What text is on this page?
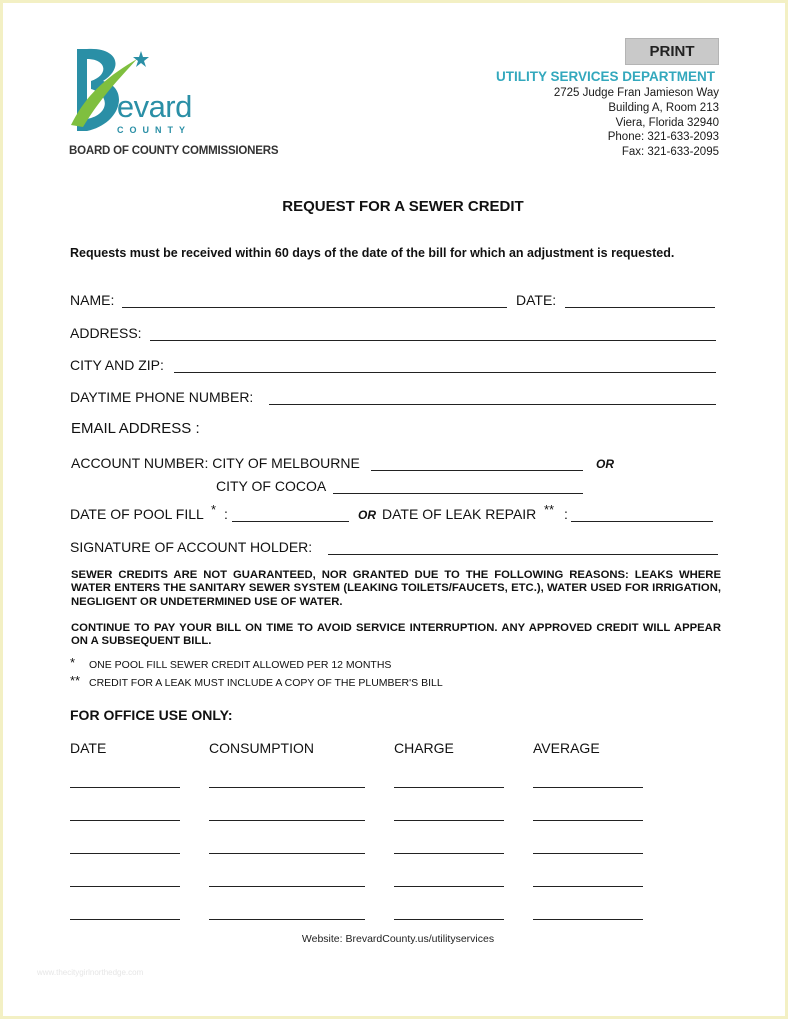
revard
COUNTY
BOARD OF COUNTY COMMISSIONERS
PRINT
UTILITY SERVICES DEPARTMENT
2725 Judge Fran Jamieson Way
Building A, Room 213
Viera, Florida 32940
Phone: 321-633-2093
Fax: 321-633-2095
REQUEST FOR A SEWER CREDIT
Requests must be received within 60 days of the date of the bill for which an adjustment is requested.
NAME:	DATE:
ADDRESS:
CITY AND ZIP:
DAYTIME PHONE NUMBER:
EMAIL ADDRESS :
ACCOUNT NUMBER: CITY OF MELBOURNE	OR
CITY OF COCOA
DATE OF POOL FILL * :	OR DATE OF LEAK REPAIR ** :
SIGNATURE OF ACCOUNT HOLDER:
SEWER CREDITS ARE NOT GUARANTEED, NOR GRANTED DUE TO THE FOLLOWING REASONS: LEAKS WHERE WATER ENTERS THE SANITARY SEWER SYSTEM (LEAKING TOILETS/FAUCETS, ETC.), WATER USED FOR IRRIGATION, NEGLIGENT OR UNDETERMINED USE OF WATER.
CONTINUE TO PAY YOUR BILL ON TIME TO AVOID SERVICE INTERRUPTION. ANY APPROVED CREDIT WILL APPEAR ON A SUBSEQUENT BILL.
* ONE POOL FILL SEWER CREDIT ALLOWED PER 12 MONTHS
** CREDIT FOR A LEAK MUST INCLUDE A COPY OF THE PLUMBER'S BILL
FOR OFFICE USE ONLY:
DATE	CONSUMPTION	CHARGE	AVERAGE
Website: BrevardCounty.us/utilityservices
www.thecitygirlnorthedge.com
